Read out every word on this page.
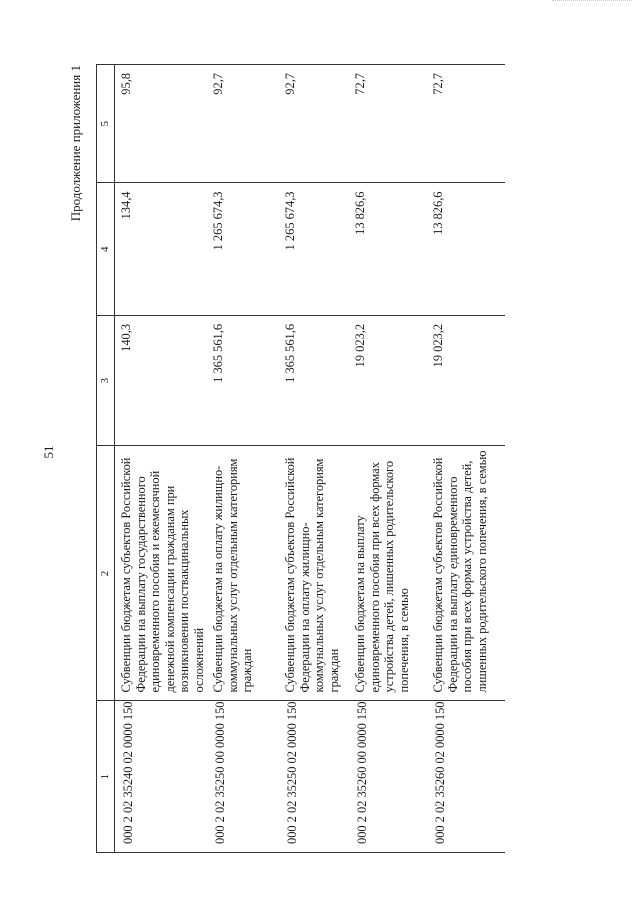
51
Продолжение приложения 1
1	2	3	4	5
000 2 02 35240 02 0000 150	Субвенции бюджетам субъектов Российской Федерации на выплату государственного единовременного пособия и ежемесячной денежной компенсации гражданам при возникновении поствакцинальных осложнений	140,3	134,4	95,8
000 2 02 35250 00 0000 150	Субвенции бюджетам на оплату жилищно-коммунальных услуг отдельным категориям граждан	1 365 561,6	1 265 674,3	92,7
000 2 02 35250 02 0000 150	Субвенции бюджетам субъектов Российской Федерации на оплату жилищно-коммунальных услуг отдельным категориям граждан	1 365 561,6	1 265 674,3	92,7
000 2 02 35260 00 0000 150	Субвенции бюджетам на выплату единовременного пособия при всех формах устройства детей, лишенных родительского попечения, в семью	19 023,2	13 826,6	72,7
000 2 02 35260 02 0000 150	Субвенции бюджетам субъектов Российской Федерации на выплату единовременного пособия при всех формах устройства детей, лишенных родительского попечения, в семью	19 023,2	13 826,6	72,7
